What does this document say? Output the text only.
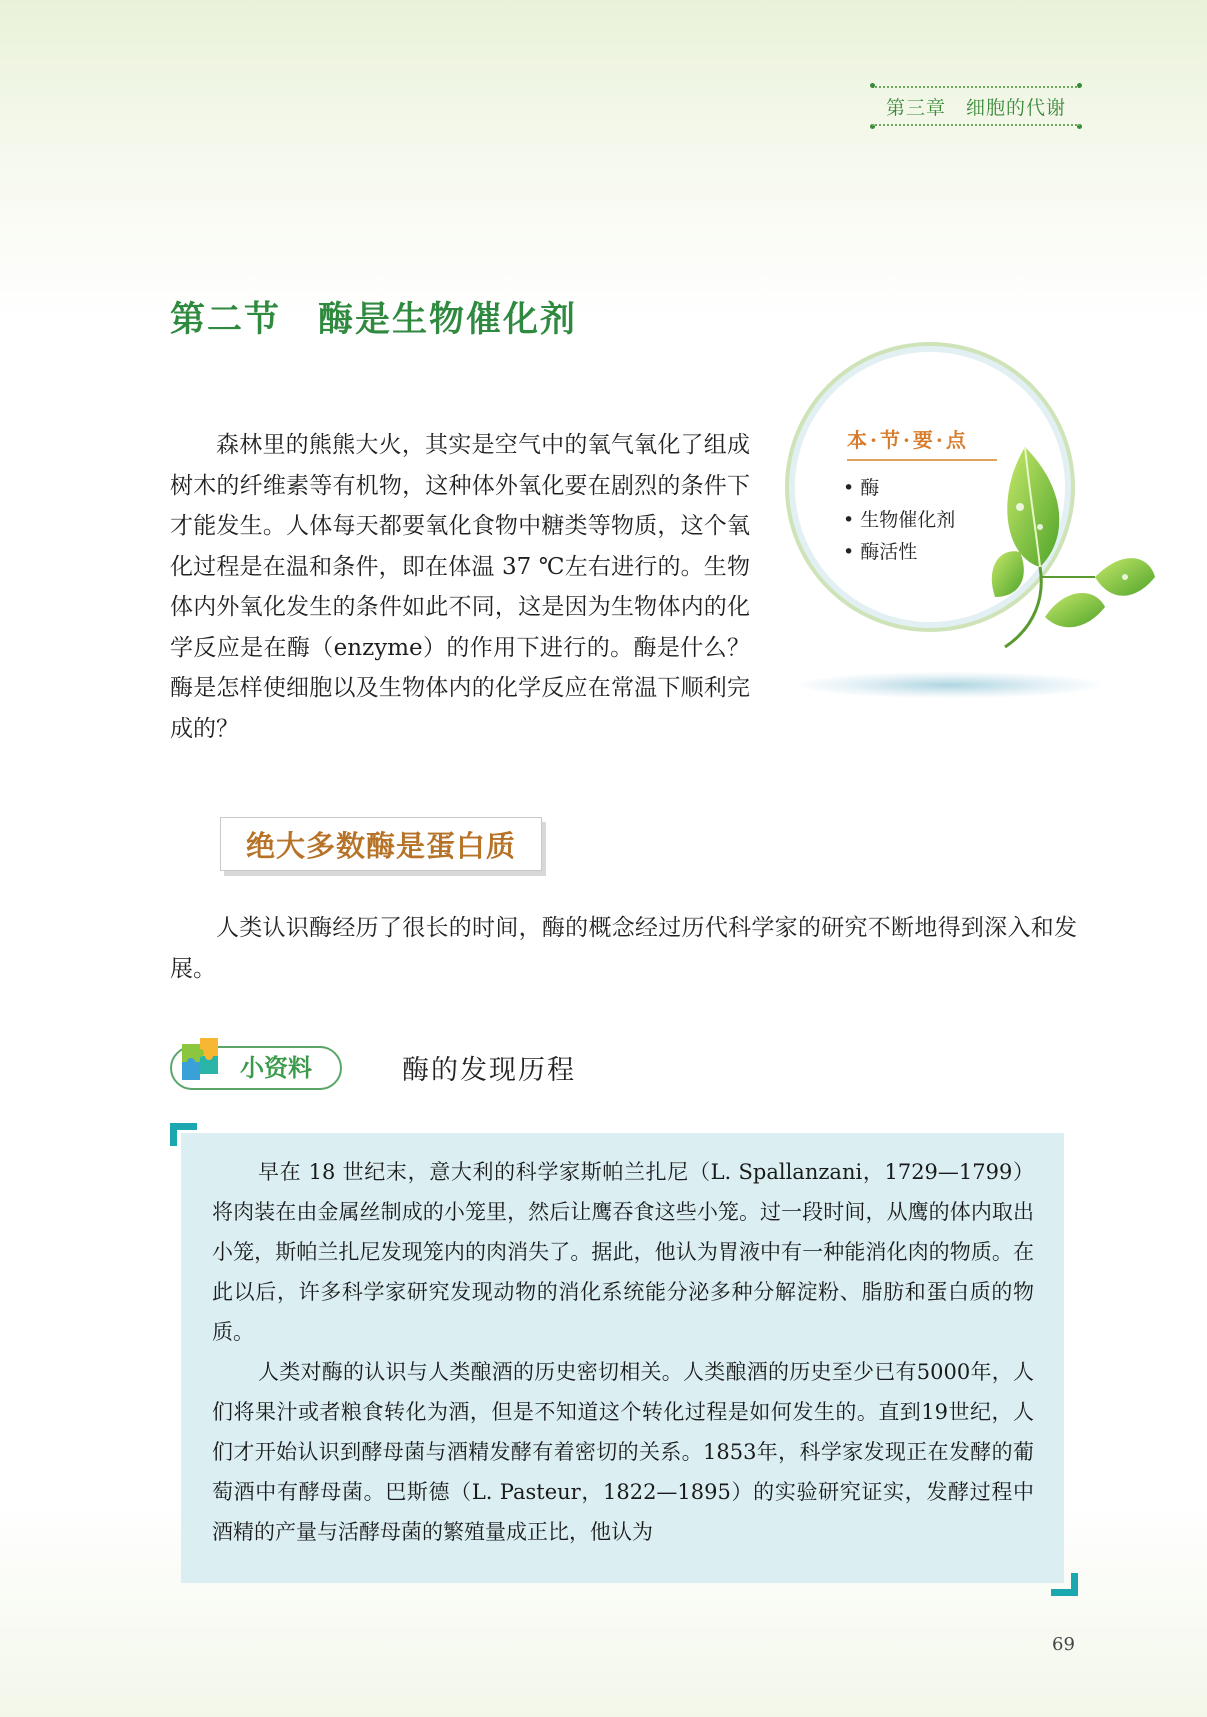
第三章　细胞的代谢
第二节　酶是生物催化剂
森林里的熊熊大火，其实是空气中的氧气氧化了组成树木的纤维素等有机物，这种体外氧化要在剧烈的条件下才能发生。人体每天都要氧化食物中糖类等物质，这个氧化过程是在温和条件，即在体温 37 ℃左右进行的。生物体内外氧化发生的条件如此不同，这是因为生物体内的化学反应是在酶（enzyme）的作用下进行的。酶是什么？酶是怎样使细胞以及生物体内的化学反应在常温下顺利完成的？
本·节·要·点
• 酶
• 生物催化剂
• 酶活性
绝大多数酶是蛋白质
人类认识酶经历了很长的时间，酶的概念经过历代科学家的研究不断地得到深入和发展。
小资料	酶的发现历程

早在 18 世纪末，意大利的科学家斯帕兰扎尼（L. Spallanzani，1729—1799）将肉装在由金属丝制成的小笼里，然后让鹰吞食这些小笼。过一段时间，从鹰的体内取出小笼，斯帕兰扎尼发现笼内的肉消失了。据此，他认为胃液中有一种能消化肉的物质。在此以后，许多科学家研究发现动物的消化系统能分泌多种分解淀粉、脂肪和蛋白质的物质。

人类对酶的认识与人类酿酒的历史密切相关。人类酿酒的历史至少已有5000年，人们将果汁或者粮食转化为酒，但是不知道这个转化过程是如何发生的。直到19世纪，人们才开始认识到酵母菌与酒精发酵有着密切的关系。1853年，科学家发现正在发酵的葡萄酒中有酵母菌。巴斯德（L. Pasteur，1822—1895）的实验研究证实，发酵过程中酒精的产量与活酵母菌的繁殖量成正比，他认为

69
